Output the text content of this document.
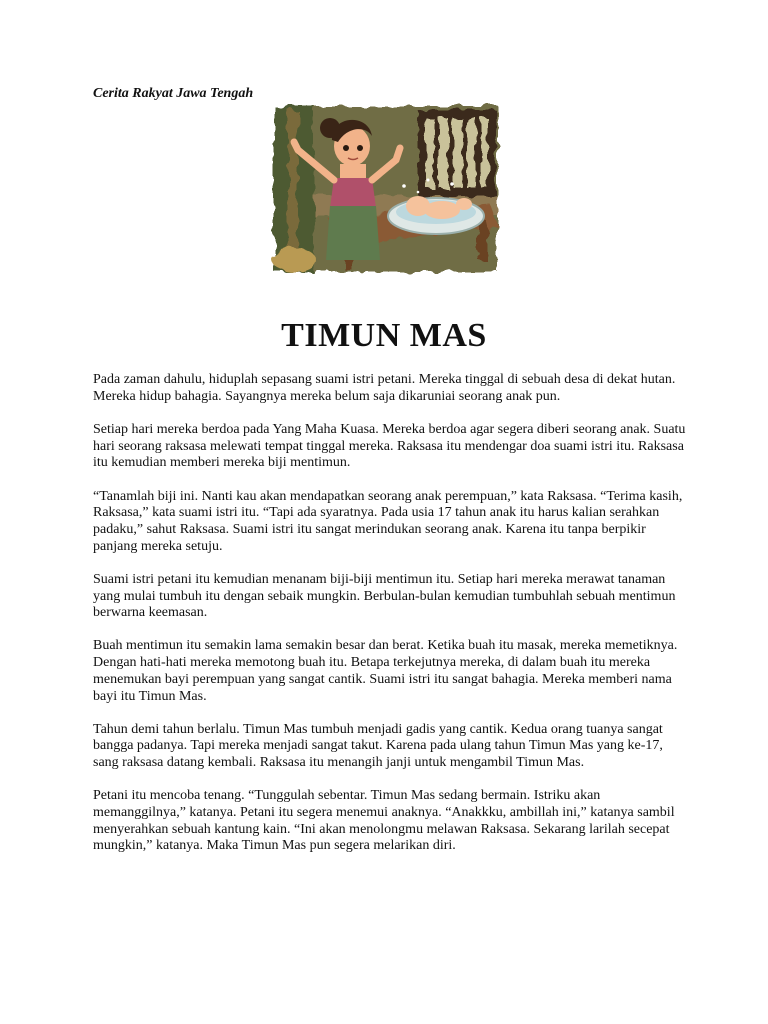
Cerita Rakyat Jawa Tengah
TIMUN MAS

Pada zaman dahulu, hiduplah sepasang suami istri petani. Mereka tinggal di sebuah desa di dekat hutan. Mereka hidup bahagia. Sayangnya mereka belum saja dikaruniai seorang anak pun.

Setiap hari mereka berdoa pada Yang Maha Kuasa. Mereka berdoa agar segera diberi seorang anak. Suatu hari seorang raksasa melewati tempat tinggal mereka. Raksasa itu mendengar doa suami istri itu. Raksasa itu kemudian memberi mereka biji mentimun.

“Tanamlah biji ini. Nanti kau akan mendapatkan seorang anak perempuan,” kata Raksasa. “Terima kasih, Raksasa,” kata suami istri itu. “Tapi ada syaratnya. Pada usia 17 tahun anak itu harus kalian serahkan padaku,” sahut Raksasa. Suami istri itu sangat merindukan seorang anak. Karena itu tanpa berpikir panjang mereka setuju.

Suami istri petani itu kemudian menanam biji-biji mentimun itu. Setiap hari mereka merawat tanaman yang mulai tumbuh itu dengan sebaik mungkin. Berbulan-bulan kemudian tumbuhlah sebuah mentimun berwarna keemasan.

Buah mentimun itu semakin lama semakin besar dan berat. Ketika buah itu masak, mereka memetiknya. Dengan hati-hati mereka memotong buah itu. Betapa terkejutnya mereka, di dalam buah itu mereka menemukan bayi perempuan yang sangat cantik. Suami istri itu sangat bahagia. Mereka memberi nama bayi itu Timun Mas.

Tahun demi tahun berlalu. Timun Mas tumbuh menjadi gadis yang cantik. Kedua orang tuanya sangat bangga padanya. Tapi mereka menjadi sangat takut. Karena pada ulang tahun Timun Mas yang ke-17, sang raksasa datang kembali. Raksasa itu menangih janji untuk mengambil Timun Mas.

Petani itu mencoba tenang. “Tunggulah sebentar. Timun Mas sedang bermain. Istriku akan memanggilnya,” katanya. Petani itu segera menemui anaknya. “Anakkku, ambillah ini,” katanya sambil menyerahkan sebuah kantung kain. “Ini akan menolongmu melawan Raksasa. Sekarang larilah secepat mungkin,” katanya. Maka Timun Mas pun segera melarikan diri.
